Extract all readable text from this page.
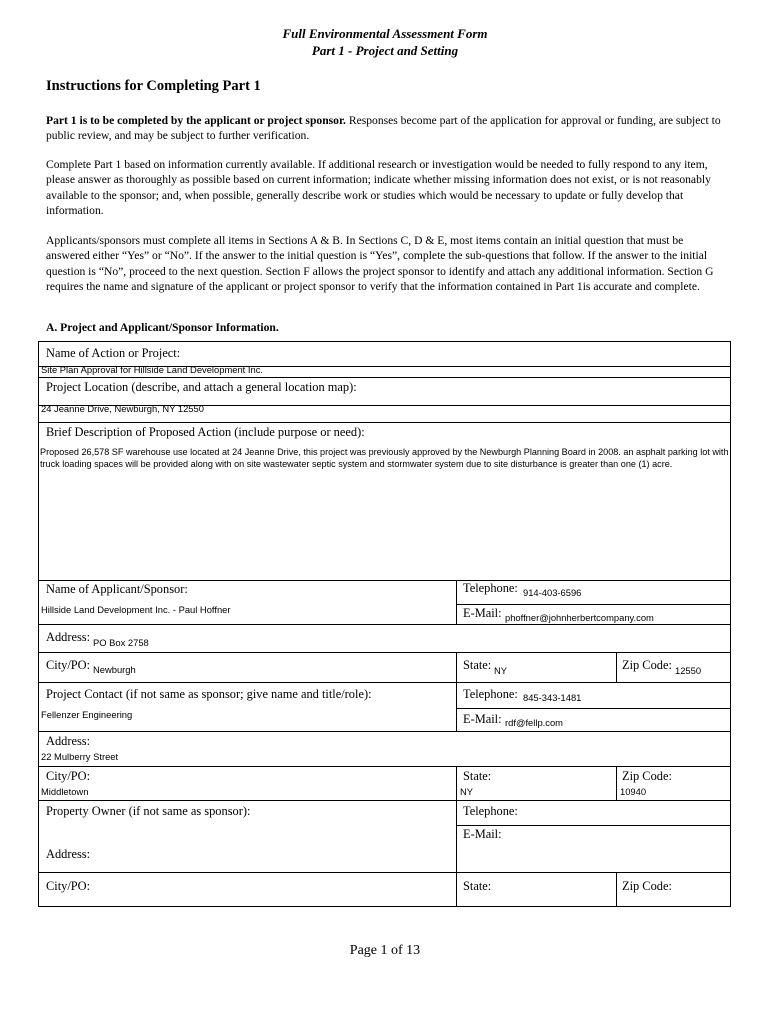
Full Environmental Assessment Form
Part 1 - Project and Setting
Instructions for Completing Part 1

Part 1 is to be completed by the applicant or project sponsor. Responses become part of the application for approval or funding, are subject to public review, and may be subject to further verification.

Complete Part 1 based on information currently available. If additional research or investigation would be needed to fully respond to any item, please answer as thoroughly as possible based on current information; indicate whether missing information does not exist, or is not reasonably available to the sponsor; and, when possible, generally describe work or studies which would be necessary to update or fully develop that information.

Applicants/sponsors must complete all items in Sections A & B. In Sections C, D & E, most items contain an initial question that must be answered either “Yes” or “No”. If the answer to the initial question is “Yes”, complete the sub-questions that follow. If the answer to the initial question is “No”, proceed to the next question. Section F allows the project sponsor to identify and attach any additional information. Section G requires the name and signature of the applicant or project sponsor to verify that the information contained in Part 1is accurate and complete.

A. Project and Applicant/Sponsor Information.
Name of Action or Project:
Site Plan Approval for Hillside Land Development Inc.
Project Location (describe, and attach a general location map):
24 Jeanne Drive, Newburgh, NY 12550
Brief Description of Proposed Action (include purpose or need):
Proposed 26,578 SF warehouse use located at 24 Jeanne Drive, this project was previously approved by the Newburgh Planning Board in 2008. an asphalt parking lot with truck loading spaces will be provided along with on site wastewater septic system and stormwater system due to site disturbance is greater than one (1) acre.
Name of Applicant/Sponsor:
Hillside Land Development Inc. - Paul Hoffner
Telephone: 914-403-6596
E-Mail: phoffner@johnherbertcompany.com
Address: PO Box 2758
City/PO: Newburgh	State: NY	Zip Code: 12550
Project Contact (if not same as sponsor; give name and title/role):
Fellenzer Engineering
Telephone: 845-343-1481
E-Mail: rdf@fellp.com
Address:
22 Mulberry Street
City/PO:
Middletown
State:
NY
Zip Code:
10940
Property Owner (if not same as sponsor):	Telephone:
E-Mail:
Address:
City/PO:	State:	Zip Code:
Page 1 of 13
